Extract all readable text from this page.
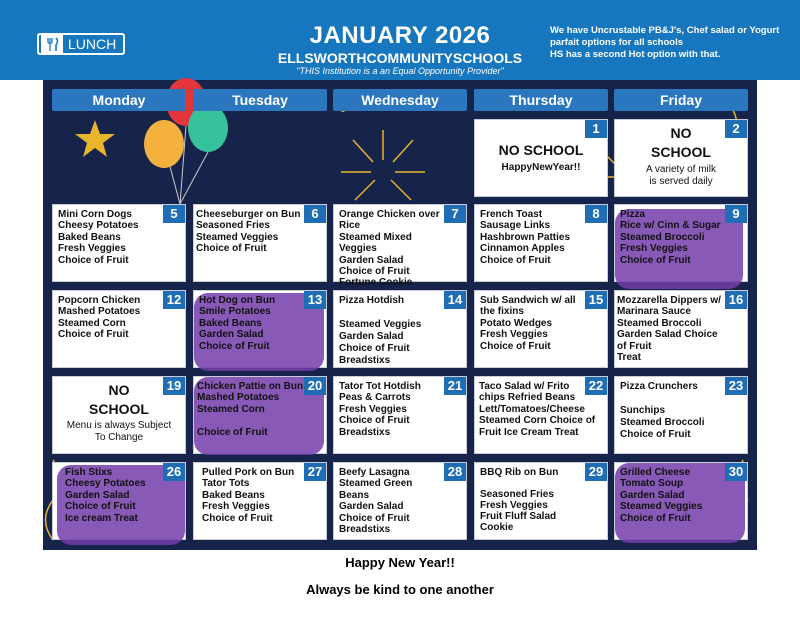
LUNCH	JANUARY 2026
ELLSWORTHCOMMUNITYSCHOOLS
"THIS Institution is a an Equal Opportunity Provider"
We have Uncrustable PB&J's, Chef salad or Yogurt
parfait options for all schools
HS has a second Hot option with that.
Monday	Tuesday	Wednesday	Thursday	Friday
1
NO SCHOOL
HappyNewYear!!
2
NO
SCHOOL
A variety of milk
is served daily
5
Mini Corn Dogs
Cheesy Potatoes
Baked Beans
Fresh Veggies
Choice of Fruit
6
Cheeseburger on Bun
Seasoned Fries
Steamed Veggies
Choice of Fruit
7
Orange Chicken over
Rice
Steamed Mixed Veggies
Garden Salad
Choice of Fruit
Fortune Cookie
8
French Toast
Sausage Links
Hashbrown Patties
Cinnamon Apples
Choice of Fruit
9
Pizza
Rice w/ Cinn & Sugar
Steamed Broccoli
Fresh Veggies
Choice of Fruit
12
Popcorn Chicken
Mashed Potatoes
Steamed Corn
Choice of Fruit
13
Hot Dog on Bun
Smile Potatoes
Baked Beans
Garden Salad
Choice of Fruit
14
Pizza Hotdish

Steamed Veggies
Garden Salad
Choice of Fruit
Breadstixs
15
Sub Sandwich w/ all
the fixins
Potato Wedges
Fresh Veggies
Choice of Fruit
16
Mozzarella Dippers w/
Marinara Sauce
Steamed Broccoli
Garden Salad Choice
of Fruit
Treat
19
NO
SCHOOL
Menu is always Subject
To Change
20
Chicken Pattie on Bun
Mashed Potatoes
Steamed Corn

Choice of Fruit
21
Tator Tot Hotdish
Peas & Carrots
Fresh Veggies
Choice of Fruit
Breadstixs
22
Taco Salad w/ Frito
chips Refried Beans
Lett/Tomatoes/Cheese
Steamed Corn Choice of
Fruit Ice Cream Treat
23
Pizza Crunchers

Sunchips
Steamed Broccoli
Choice of Fruit
26
Fish Stixs
Cheesy Potatoes
Garden Salad
Choice of Fruit
Ice cream Treat
27
Pulled Pork on Bun
Tator Tots
Baked Beans
Fresh Veggies
Choice of Fruit
28
Beefy Lasagna
Steamed Green Beans
Garden Salad
Choice of Fruit
Breadstixs
29
BBQ Rib on Bun

Seasoned Fries
Fresh Veggies
Fruit Fluff Salad
Cookie
30
Grilled Cheese
Tomato Soup
Garden Salad
Steamed Veggies
Choice of Fruit
Happy New Year!!
Always be kind to one another
